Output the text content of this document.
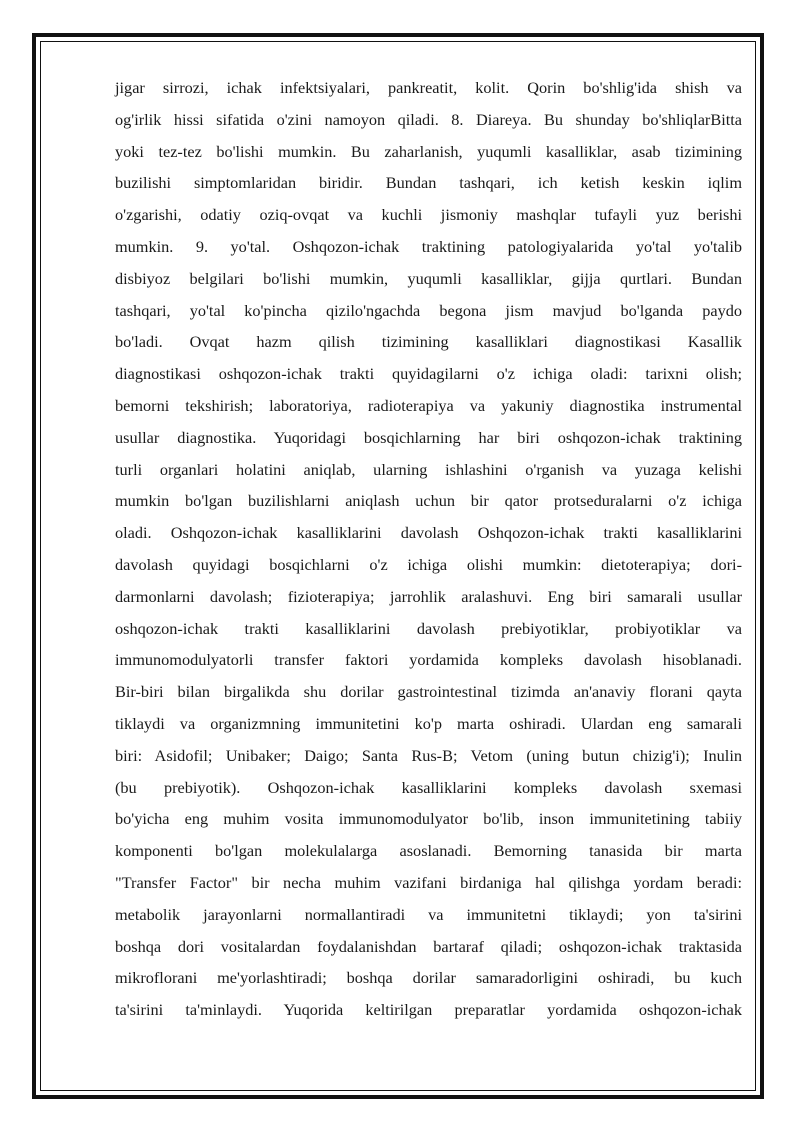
jigar sirrozi, ichak infektsiyalari, pankreatit, kolit. Qorin bo'shlig'ida shish va
og'irlik hissi sifatida o'zini namoyon qiladi. 8. Diareya. Bu shunday bo'shliqlarBitta
yoki tez-tez bo'lishi mumkin. Bu zaharlanish, yuqumli kasalliklar, asab tizimining
buzilishi simptomlaridan biridir. Bundan tashqari, ich ketish keskin iqlim
o'zgarishi, odatiy oziq-ovqat va kuchli jismoniy mashqlar tufayli yuz berishi
mumkin. 9. yo'tal. Oshqozon-ichak traktining patologiyalarida yo'tal yo'talib
disbiyoz belgilari bo'lishi mumkin, yuqumli kasalliklar, gijja qurtlari. Bundan
tashqari, yo'tal ko'pincha qizilo'ngachda begona jism mavjud bo'lganda paydo
bo'ladi. Ovqat hazm qilish tizimining kasalliklari diagnostikasi Kasallik
diagnostikasi oshqozon-ichak trakti quyidagilarni o'z ichiga oladi: tarixni olish;
bemorni tekshirish; laboratoriya, radioterapiya va yakuniy diagnostika instrumental
usullar diagnostika. Yuqoridagi bosqichlarning har biri oshqozon-ichak traktining
turli organlari holatini aniqlab, ularning ishlashini o'rganish va yuzaga kelishi
mumkin bo'lgan buzilishlarni aniqlash uchun bir qator protseduralarni o'z ichiga
oladi. Oshqozon-ichak kasalliklarini davolash Oshqozon-ichak trakti kasalliklarini
davolash quyidagi bosqichlarni o'z ichiga olishi mumkin: dietoterapiya; dori-
darmonlarni davolash; fizioterapiya; jarrohlik aralashuvi. Eng biri samarali usullar
oshqozon-ichak trakti kasalliklarini davolash prebiyotiklar, probiyotiklar va
immunomodulyatorli transfer faktori yordamida kompleks davolash hisoblanadi.
Bir-biri bilan birgalikda shu dorilar gastrointestinal tizimda an'anaviy florani qayta
tiklaydi va organizmning immunitetini ko'p marta oshiradi. Ulardan eng samarali
biri: Asidofil; Unibaker; Daigo; Santa Rus-B; Vetom (uning butun chizig'i); Inulin
(bu prebiyotik). Oshqozon-ichak kasalliklarini kompleks davolash sxemasi
bo'yicha eng muhim vosita immunomodulyator bo'lib, inson immunitetining tabiiy
komponenti bo'lgan molekulalarga asoslanadi. Bemorning tanasida bir marta
"Transfer Factor" bir necha muhim vazifani birdaniga hal qilishga yordam beradi:
metabolik jarayonlarni normallantiradi va immunitetni tiklaydi; yon ta'sirini
boshqa dori vositalardan foydalanishdan bartaraf qiladi; oshqozon-ichak traktasida
mikroflorani me'yorlashtiradi; boshqa dorilar samaradorligini oshiradi, bu kuch
ta'sirini ta'minlaydi. Yuqorida keltirilgan preparatlar yordamida oshqozon-ichak
